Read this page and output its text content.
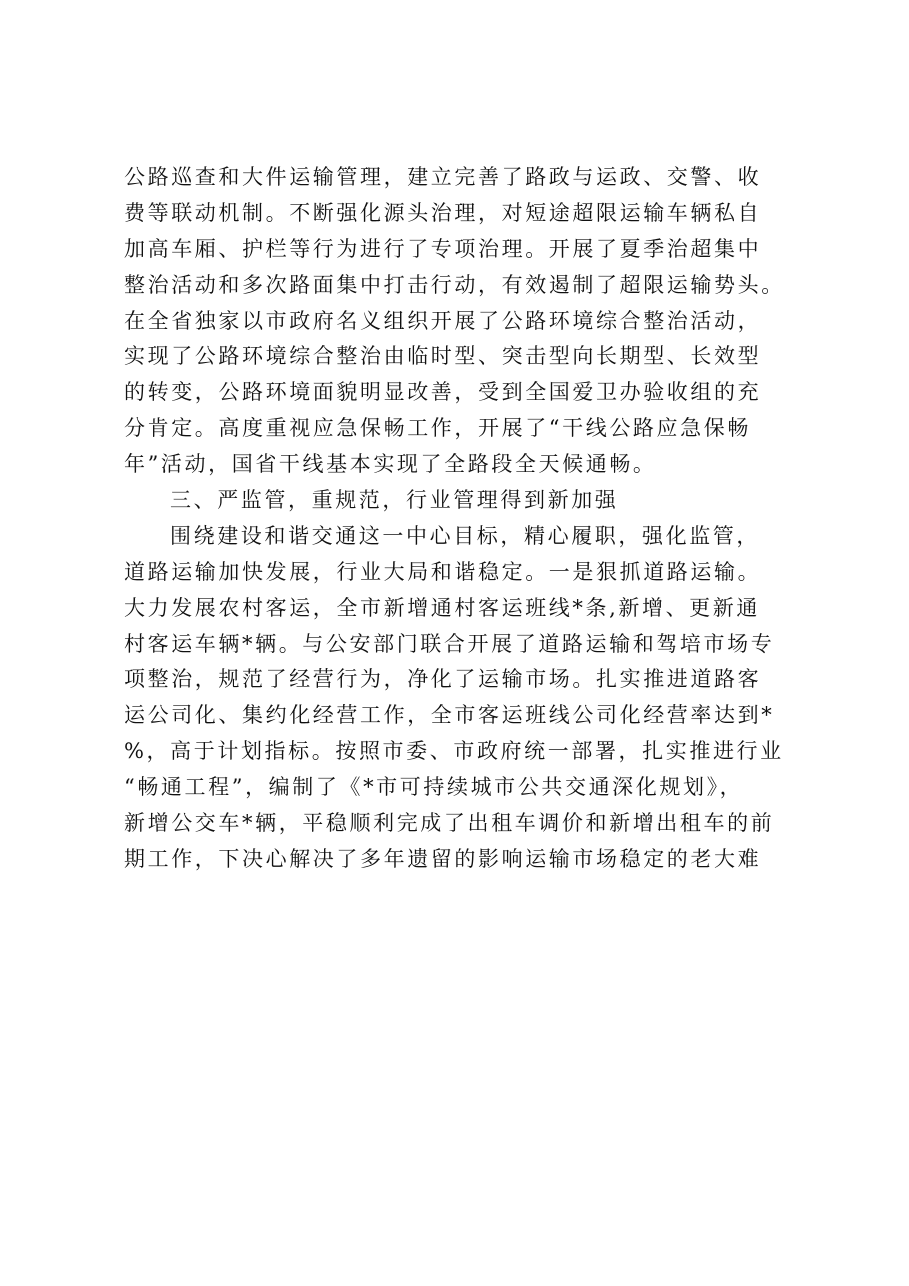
公路巡查和大件运输管理，建立完善了路政与运政、交警、收
费等联动机制。不断强化源头治理，对短途超限运输车辆私自
加高车厢、护栏等行为进行了专项治理。开展了夏季治超集中
整治活动和多次路面集中打击行动，有效遏制了超限运输势头。
在全省独家以市政府名义组织开展了公路环境综合整治活动，
实现了公路环境综合整治由临时型、突击型向长期型、长效型
的转变，公路环境面貌明显改善，受到全国爱卫办验收组的充
分肯定。高度重视应急保畅工作，开展了“干线公路应急保畅
年”活动，国省干线基本实现了全路段全天候通畅。
三、严监管，重规范，行业管理得到新加强
围绕建设和谐交通这一中心目标，精心履职，强化监管，
道路运输加快发展，行业大局和谐稳定。一是狠抓道路运输。
大力发展农村客运，全市新增通村客运班线*条,新增、更新通
村客运车辆*辆。与公安部门联合开展了道路运输和驾培市场专
项整治，规范了经营行为，净化了运输市场。扎实推进道路客
运公司化、集约化经营工作，全市客运班线公司化经营率达到*
%，高于计划指标。按照市委、市政府统一部署，扎实推进行业
“畅通工程”，编制了《*市可持续城市公共交通深化规划》，
新增公交车*辆，平稳顺利完成了出租车调价和新增出租车的前
期工作，下决心解决了多年遗留的影响运输市场稳定的老大难
